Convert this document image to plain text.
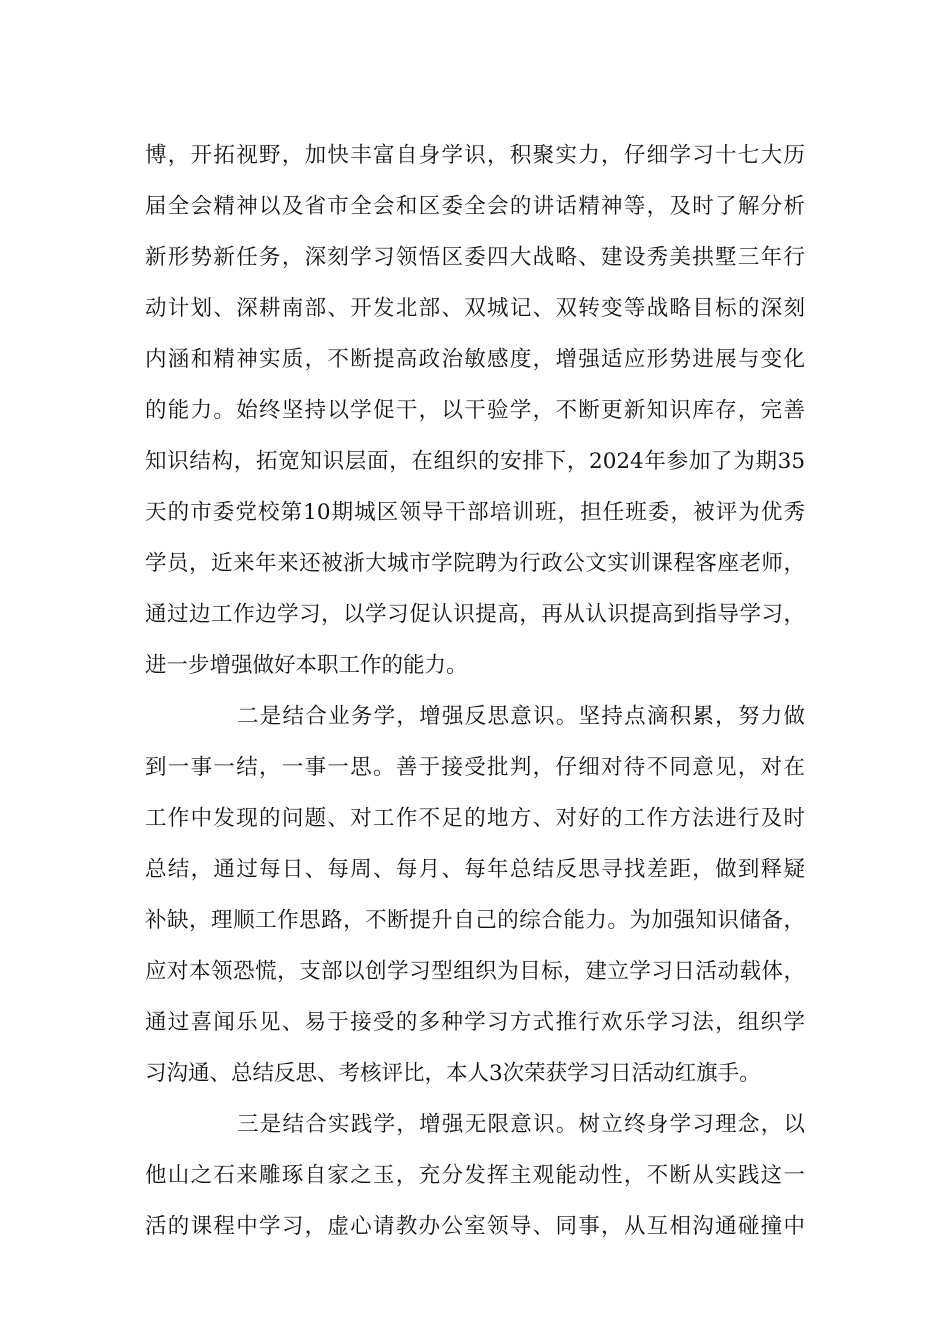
博，开拓视野，加快丰富自身学识，积聚实力，仔细学习十七大历
届全会精神以及省市全会和区委全会的讲话精神等，及时了解分析
新形势新任务，深刻学习领悟区委四大战略、建设秀美拱墅三年行
动计划、深耕南部、开发北部、双城记、双转变等战略目标的深刻
内涵和精神实质，不断提高政治敏感度，增强适应形势进展与变化
的能力。始终坚持以学促干，以干验学，不断更新知识库存，完善
知识结构，拓宽知识层面，在组织的安排下，2024年参加了为期35
天的市委党校第10期城区领导干部培训班，担任班委，被评为优秀
学员，近来年来还被浙大城市学院聘为行政公文实训课程客座老师，
通过边工作边学习，以学习促认识提高，再从认识提高到指导学习，
进一步增强做好本职工作的能力。
二是结合业务学，增强反思意识。坚持点滴积累，努力做
到一事一结，一事一思。善于接受批判，仔细对待不同意见，对在
工作中发现的问题、对工作不足的地方、对好的工作方法进行及时
总结，通过每日、每周、每月、每年总结反思寻找差距，做到释疑
补缺，理顺工作思路，不断提升自己的综合能力。为加强知识储备，
应对本领恐慌，支部以创学习型组织为目标，建立学习日活动载体，
通过喜闻乐见、易于接受的多种学习方式推行欢乐学习法，组织学
习沟通、总结反思、考核评比，本人3次荣获学习日活动红旗手。
三是结合实践学，增强无限意识。树立终身学习理念，以
他山之石来雕琢自家之玉，充分发挥主观能动性，不断从实践这一
活的课程中学习，虚心请教办公室领导、同事，从互相沟通碰撞中
